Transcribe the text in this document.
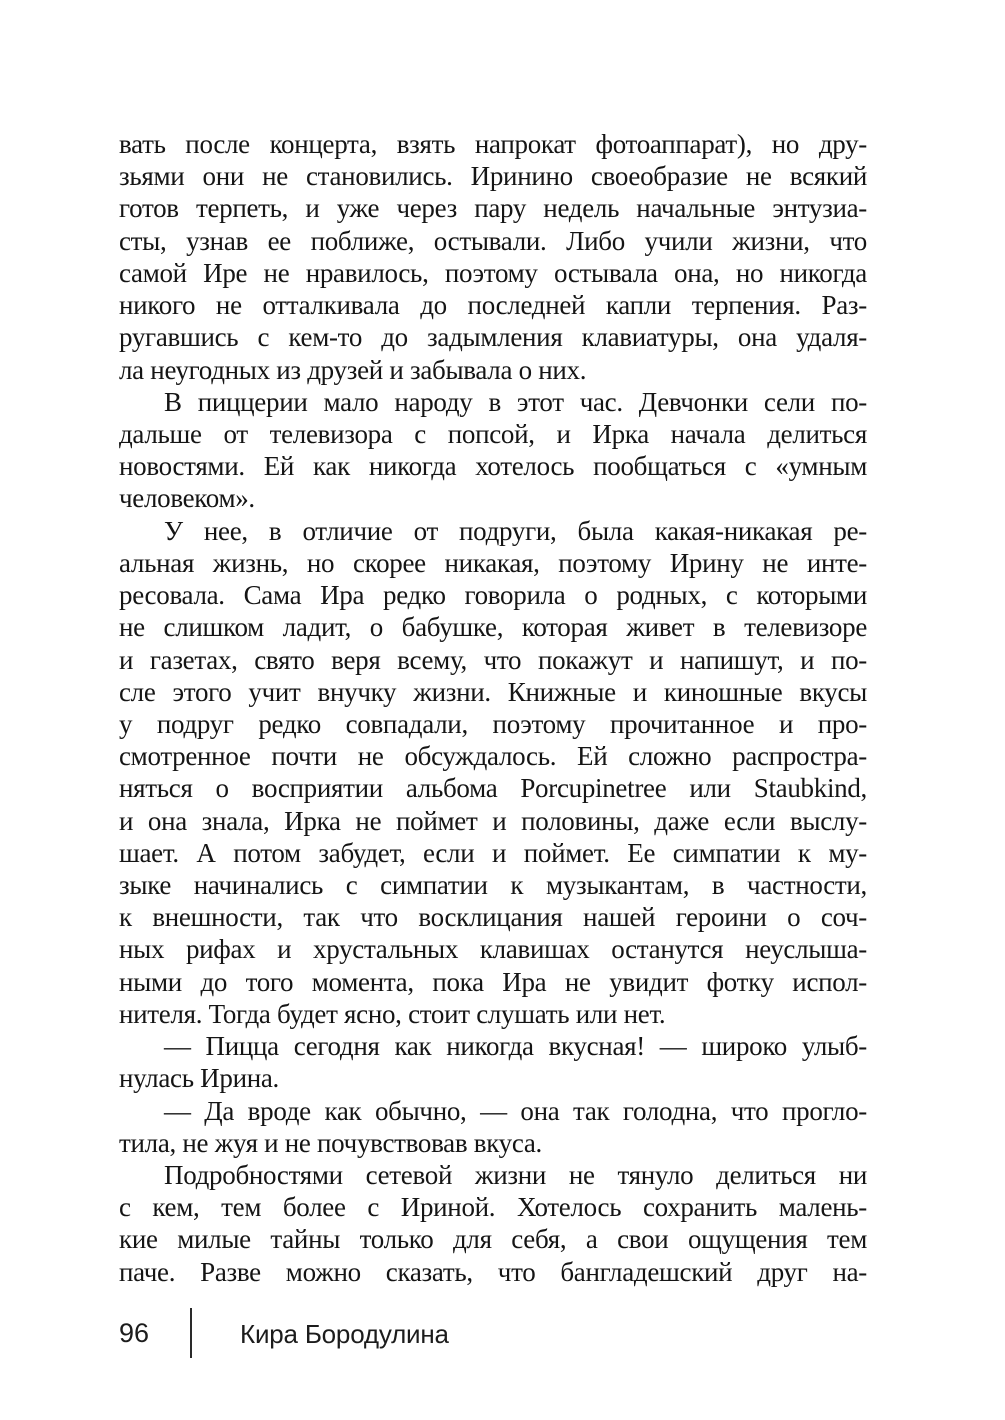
вать после концерта, взять напрокат фотоаппарат), но дру-
зьями они не становились. Иринино своеобразие не всякий
готов терпеть, и уже через пару недель начальные энтузиа-
сты, узнав ее поближе, остывали. Либо учили жизни, что
самой Ире не нравилось, поэтому остывала она, но никогда
никого не отталкивала до последней капли терпения. Раз-
ругавшись с кем-то до задымления клавиатуры, она удаля-
ла неугодных из друзей и забывала о них.
В пиццерии мало народу в этот час. Девчонки сели по-
дальше от телевизора с попсой, и Ирка начала делиться
новостями. Ей как никогда хотелось пообщаться с «умным
человеком».
У нее, в отличие от подруги, была какая-никакая ре-
альная жизнь, но скорее никакая, поэтому Ирину не инте-
ресовала. Сама Ира редко говорила о родных, с которыми
не слишком ладит, о бабушке, которая живет в телевизоре
и газетах, свято веря всему, что покажут и напишут, и по-
сле этого учит внучку жизни. Книжные и киношные вкусы
у подруг редко совпадали, поэтому прочитанное и про-
смотренное почти не обсуждалось. Ей сложно распростра-
няться о восприятии альбома Porcupinetree или Staubkind,
и она знала, Ирка не поймет и половины, даже если выслу-
шает. А потом забудет, если и поймет. Ее симпатии к му-
зыке начинались с симпатии к музыкантам, в частности,
к внешности, так что восклицания нашей героини о соч-
ных рифах и хрустальных клавишах останутся неуслыша-
ными до того момента, пока Ира не увидит фотку испол-
нителя. Тогда будет ясно, стоит слушать или нет.
— Пицца сегодня как никогда вкусная! — широко улыб-
нулась Ирина.
— Да вроде как обычно, — она так голодна, что прогло-
тила, не жуя и не почувствовав вкуса.
Подробностями сетевой жизни не тянуло делиться ни
с кем, тем более с Ириной. Хотелось сохранить малень-
кие милые тайны только для себя, а свои ощущения тем
паче. Разве можно сказать, что бангладешский друг на-
96	Кира Бородулина
